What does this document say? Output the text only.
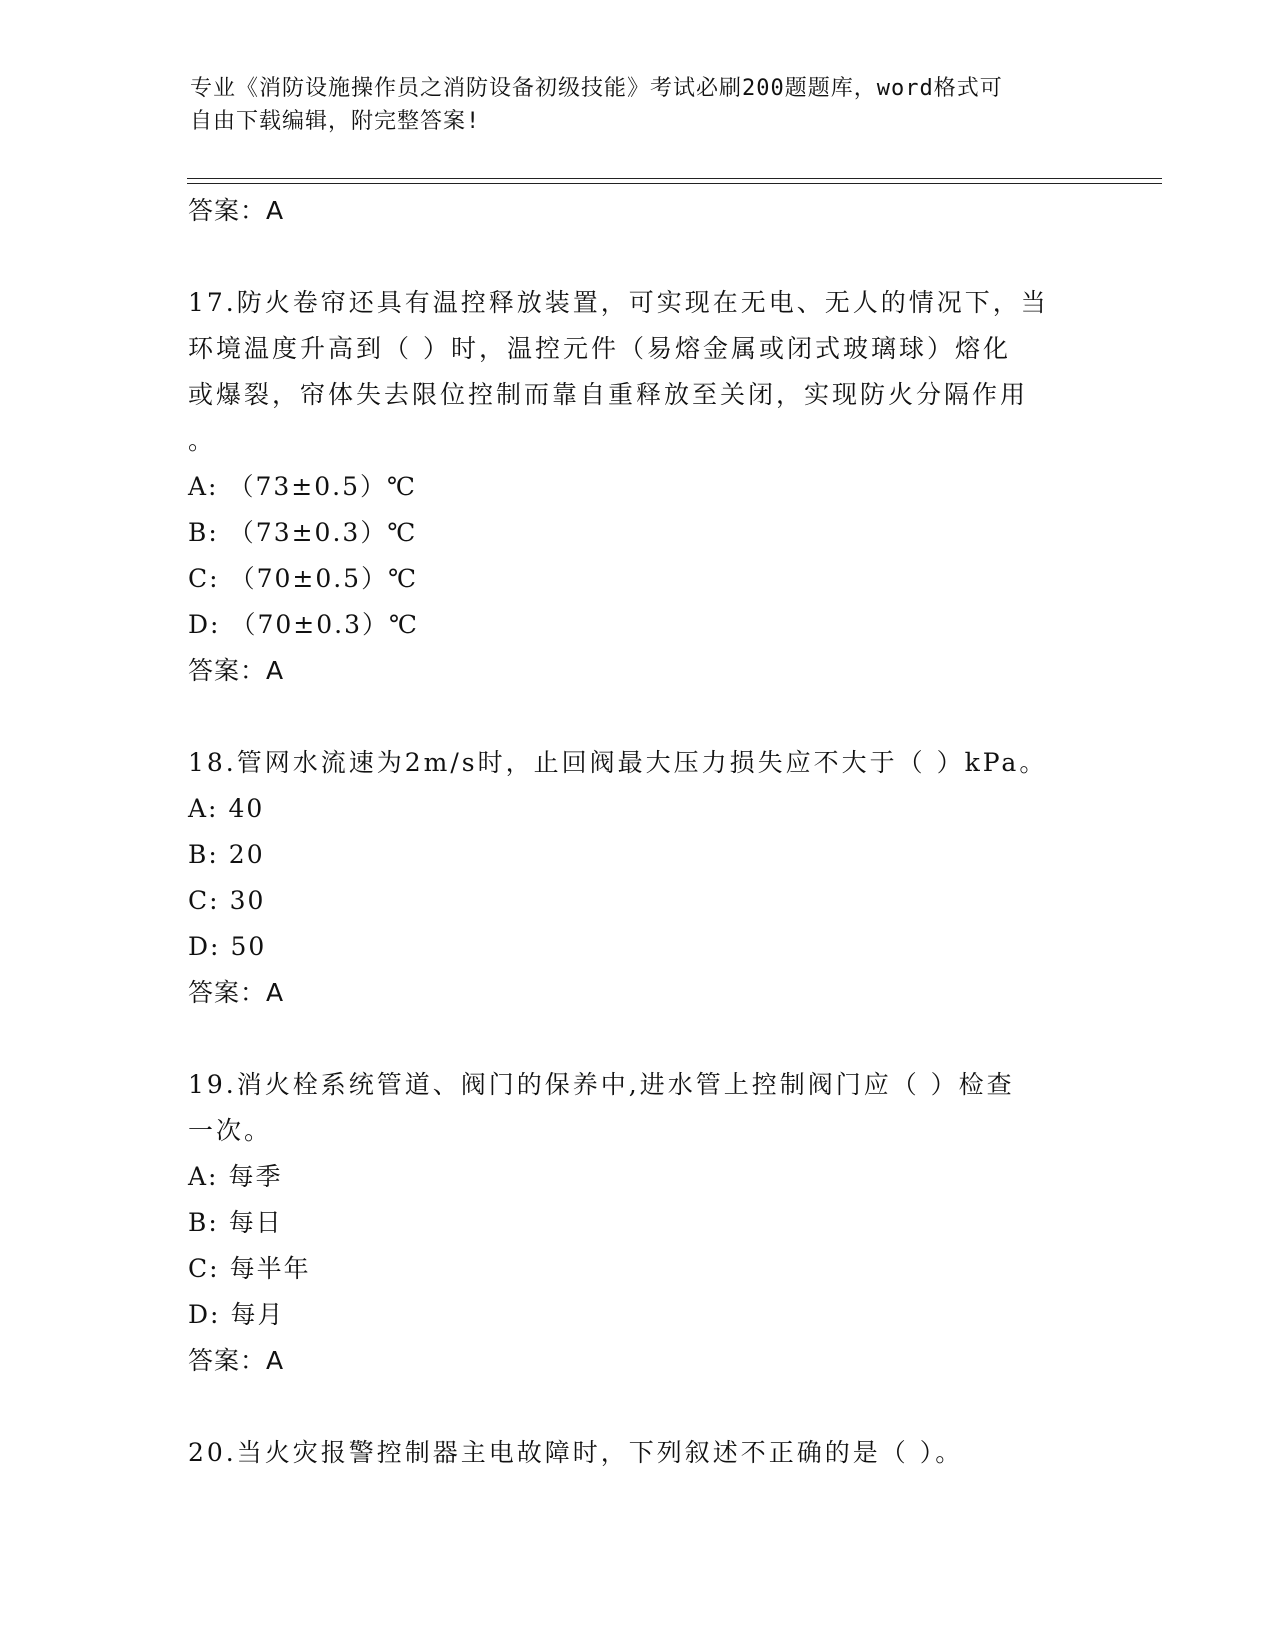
专业《消防设施操作员之消防设备初级技能》考试必刷200题题库，word格式可
自由下载编辑，附完整答案!
答案：A
17.防火卷帘还具有温控释放装置，可实现在无电、无人的情况下，当
环境温度升高到（ ）时，温控元件（易熔金属或闭式玻璃球）熔化
或爆裂，帘体失去限位控制而靠自重释放至关闭，实现防火分隔作用
。
A: （73±0.5）℃
B: （73±0.3）℃
C: （70±0.5）℃
D: （70±0.3）℃
答案：A
18.管网水流速为2m/s时，止回阀最大压力损失应不大于（ ）kPa。
A: 40
B: 20
C: 30
D: 50
答案：A
19.消火栓系统管道、阀门的保养中,进水管上控制阀门应（ ）检查
一次。
A: 每季
B: 每日
C: 每半年
D: 每月
答案：A
20.当火灾报警控制器主电故障时，下列叙述不正确的是（ ）。
